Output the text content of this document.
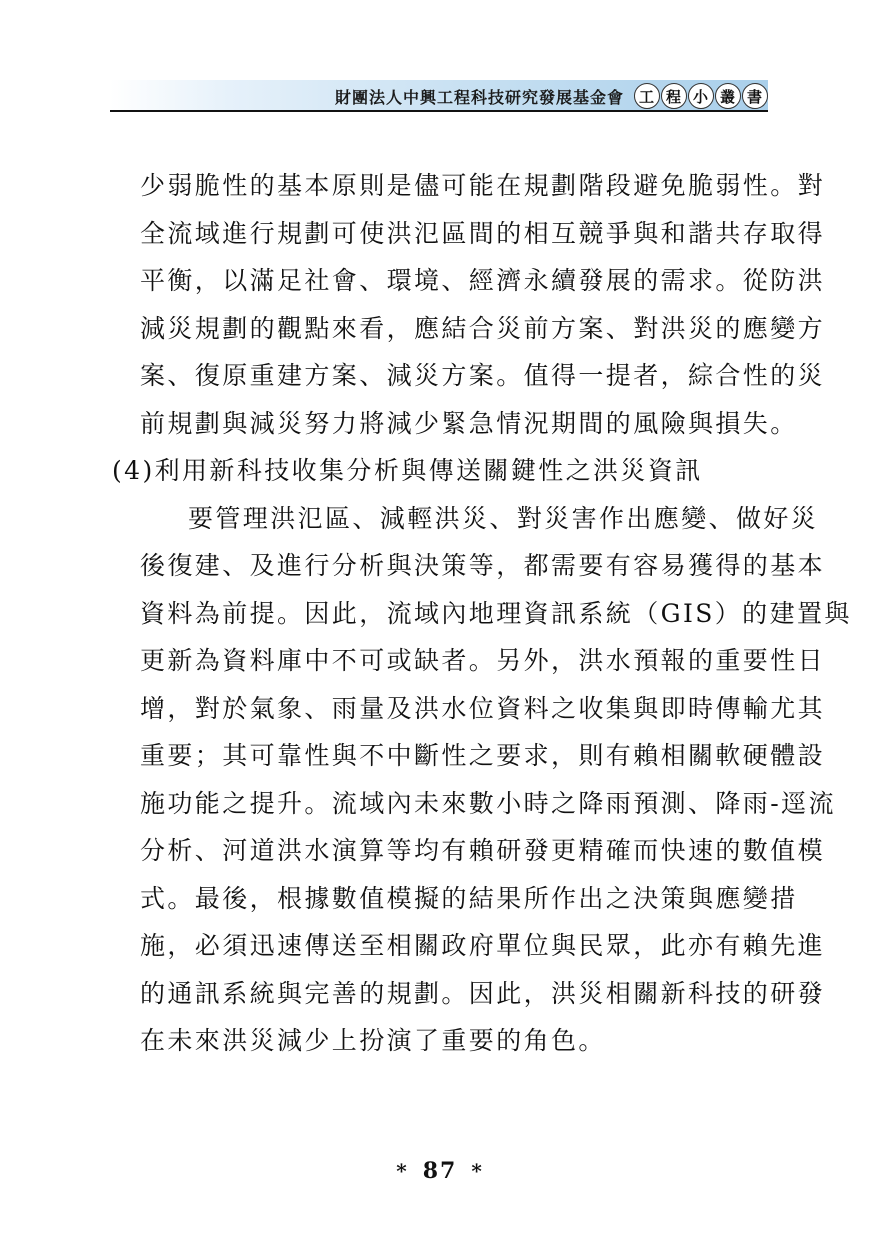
財團法人中興工程科技研究發展基金會 工 程 小 叢 書
少弱脆性的基本原則是儘可能在規劃階段避免脆弱性。對
全流域進行規劃可使洪氾區間的相互競爭與和諧共存取得
平衡，以滿足社會、環境、經濟永續發展的需求。從防洪
減災規劃的觀點來看，應結合災前方案、對洪災的應變方
案、復原重建方案、減災方案。值得一提者，綜合性的災
前規劃與減災努力將減少緊急情況期間的風險與損失。
(4)利用新科技收集分析與傳送關鍵性之洪災資訊
要管理洪氾區、減輕洪災、對災害作出應變、做好災
後復建、及進行分析與決策等，都需要有容易獲得的基本
資料為前提。因此，流域內地理資訊系統（GIS）的建置與
更新為資料庫中不可或缺者。另外，洪水預報的重要性日
增，對於氣象、雨量及洪水位資料之收集與即時傳輸尤其
重要；其可靠性與不中斷性之要求，則有賴相關軟硬體設
施功能之提升。流域內未來數小時之降雨預測、降雨-逕流
分析、河道洪水演算等均有賴研發更精確而快速的數值模
式。最後，根據數值模擬的結果所作出之決策與應變措
施，必須迅速傳送至相關政府單位與民眾，此亦有賴先進
的通訊系統與完善的規劃。因此，洪災相關新科技的研發
在未來洪災減少上扮演了重要的角色。
* 87 *
